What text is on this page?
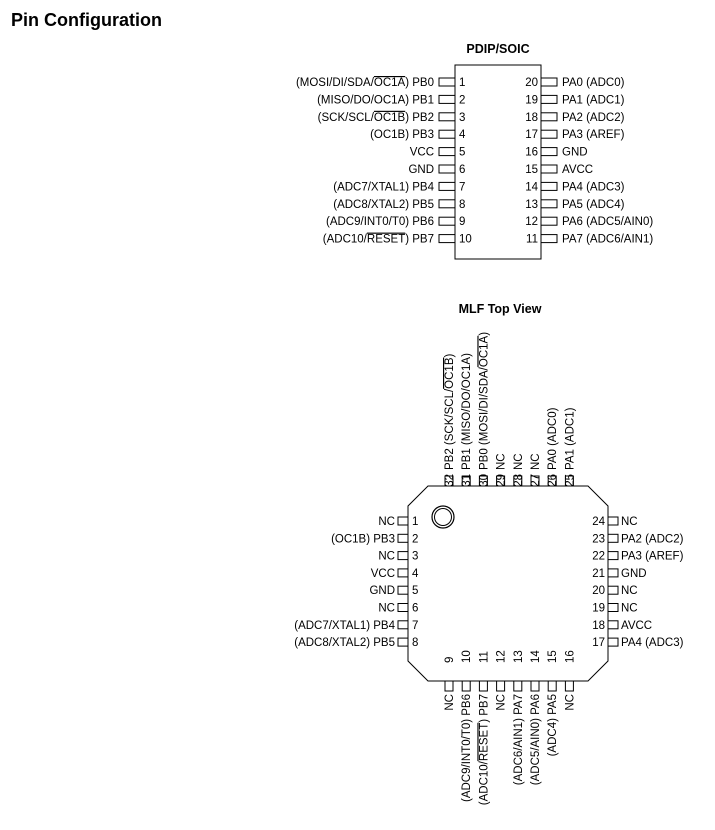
Pin Configuration
PDIP/SOIC
1
(MOSI/DI/SDA/OC1A) PB0
2
(MISO/DO/OC1A) PB1
3
(SCK/SCL/OC1B) PB2
4
(OC1B) PB3
5
VCC
6
GND
7
(ADC7/XTAL1) PB4
8
(ADC8/XTAL2) PB5
9
(ADC9/INT0/T0) PB6
10
(ADC10/RESET) PB7
20 PA0 (ADC0)
19 PA1 (ADC1)
18 PA2 (ADC2)
17 PA3 (AREF)
16 GND
15 AVCC
14 PA4 (ADC3)
13 PA5 (ADC4)
12 PA6 (ADC5/AIN0)
11 PA7 (ADC6/AIN1)
MLF Top View
1
NC
2
(OC1B) PB3
3
NC
4
VCC
5
GND
6
NC
7
(ADC7/XTAL1) PB4
8
(ADC8/XTAL2) PB5
24 NC
23 PA2 (ADC2)
22 PA3 (AREF)
21 GND
20 NC
19 NC
18 AVCC
17 PA4 (ADC3)
32
PB2 (SCK/SCL/OC1B)
31
PB1 (MISO/DO/OC1A)
30
PB0 (MOSI/DI/SDA/OC1A)
29
NC
28
NC
27
NC
26
PA0 (ADC0)
25
PA1 (ADC1)
9
NC
10
(ADC9/INT0/T0) PB6
11
(ADC10/RESET) PB7
12
NC
13
(ADC6/AIN1) PA7
14
(ADC5/AIN0) PA6
15
(ADC4) PA5
16
NC
